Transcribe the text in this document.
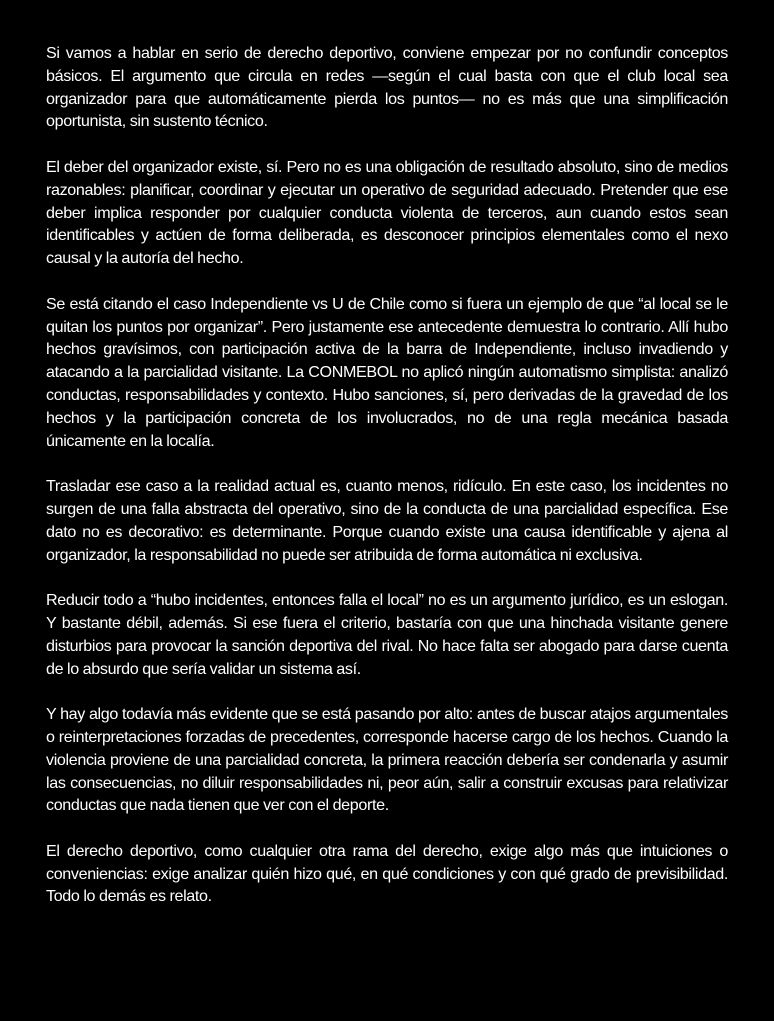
Si vamos a hablar en serio de derecho deportivo, conviene empezar por no confundir conceptos básicos. El argumento que circula en redes —según el cual basta con que el club local sea organizador para que automáticamente pierda los puntos— no es más que una simplificación oportunista, sin sustento técnico.

El deber del organizador existe, sí. Pero no es una obligación de resultado absoluto, sino de medios razonables: planificar, coordinar y ejecutar un operativo de seguridad adecuado. Pretender que ese deber implica responder por cualquier conducta violenta de terceros, aun cuando estos sean identificables y actúen de forma deliberada, es desconocer principios elementales como el nexo causal y la autoría del hecho.

Se está citando el caso Independiente vs U de Chile como si fuera un ejemplo de que “al local se le quitan los puntos por organizar”. Pero justamente ese antecedente demuestra lo contrario. Allí hubo hechos gravísimos, con participación activa de la barra de Independiente, incluso invadiendo y atacando a la parcialidad visitante. La CONMEBOL no aplicó ningún automatismo simplista: analizó conductas, responsabilidades y contexto. Hubo sanciones, sí, pero derivadas de la gravedad de los hechos y la participación concreta de los involucrados, no de una regla mecánica basada únicamente en la localía.

Trasladar ese caso a la realidad actual es, cuanto menos, ridículo. En este caso, los incidentes no surgen de una falla abstracta del operativo, sino de la conducta de una parcialidad específica. Ese dato no es decorativo: es determinante. Porque cuando existe una causa identificable y ajena al organizador, la responsabilidad no puede ser atribuida de forma automática ni exclusiva.

Reducir todo a “hubo incidentes, entonces falla el local” no es un argumento jurídico, es un eslogan. Y bastante débil, además. Si ese fuera el criterio, bastaría con que una hinchada visitante genere disturbios para provocar la sanción deportiva del rival. No hace falta ser abogado para darse cuenta de lo absurdo que sería validar un sistema así.

Y hay algo todavía más evidente que se está pasando por alto: antes de buscar atajos argumentales o reinterpretaciones forzadas de precedentes, corresponde hacerse cargo de los hechos. Cuando la violencia proviene de una parcialidad concreta, la primera reacción debería ser condenarla y asumir las consecuencias, no diluir responsabilidades ni, peor aún, salir a construir excusas para relativizar conductas que nada tienen que ver con el deporte.

El derecho deportivo, como cualquier otra rama del derecho, exige algo más que intuiciones o conveniencias: exige analizar quién hizo qué, en qué condiciones y con qué grado de previsibilidad. Todo lo demás es relato.
